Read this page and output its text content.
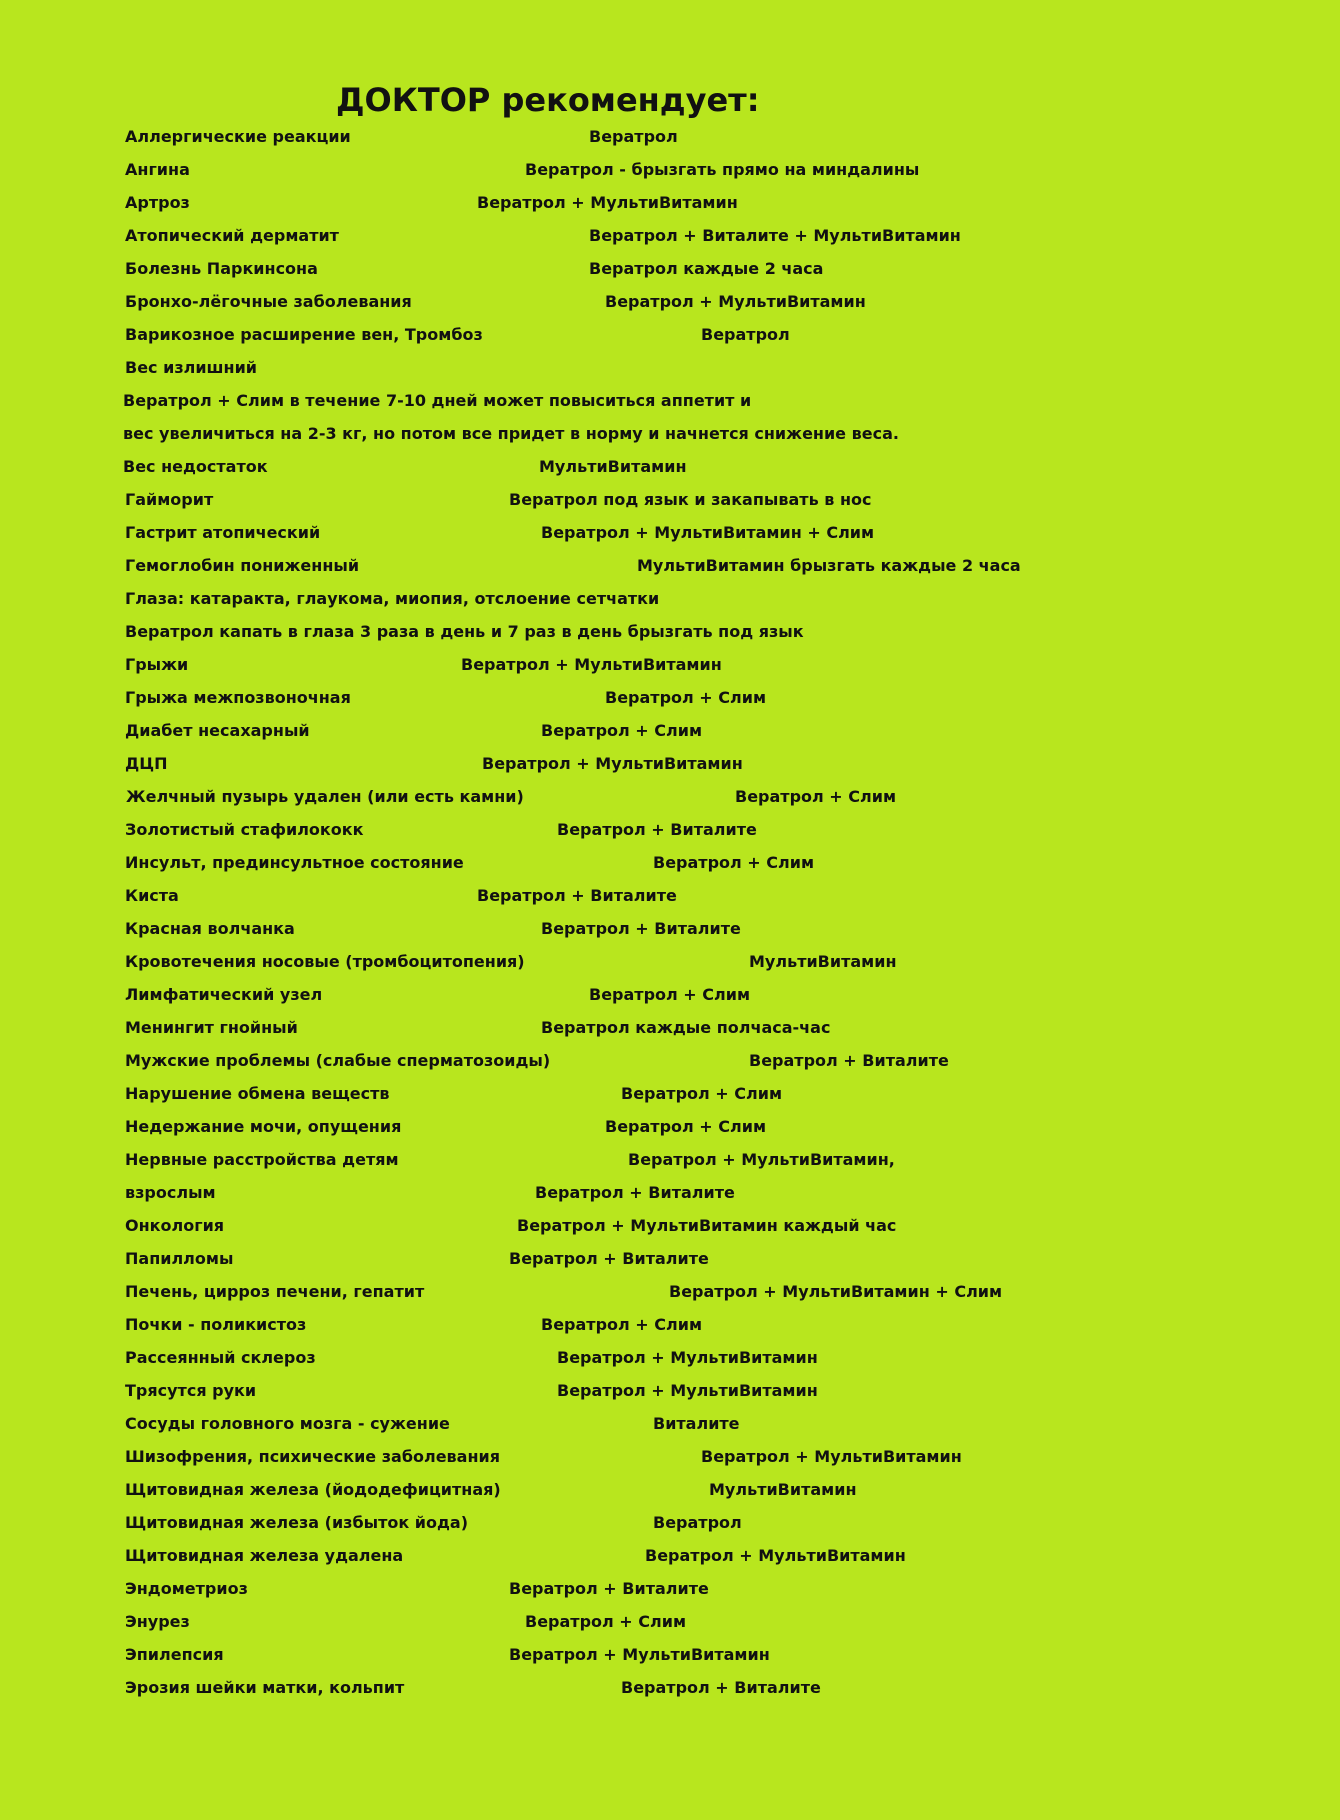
ДОКТОР рекомендует:
Аллергические реакции	Вератрол
Ангина	Вератрол - брызгать прямо на миндалины
Артроз	Вератрол + МультиВитамин
Атопический дерматит	Вератрол + Виталите + МультиВитамин
Болезнь Паркинсона	Вератрол каждые 2 часа
Бронхо-лёгочные заболевания	Вератрол + МультиВитамин
Варикозное расширение вен, Тромбоз	Вератрол
Вес излишний
Вератрол + Слим в течение 7-10 дней может повыситься аппетит и
вес увеличиться на 2-3 кг, но потом все придет в норму и начнется снижение веса.
Вес недостаток	МультиВитамин
Гайморит	Вератрол под язык и закапывать в нос
Гастрит атопический	Вератрол + МультиВитамин + Слим
Гемоглобин пониженный	МультиВитамин брызгать каждые 2 часа
Глаза: катаракта, глаукома, миопия, отслоение сетчатки
Вератрол капать в глаза 3 раза в день и 7 раз в день брызгать под язык
Грыжи	Вератрол + МультиВитамин
Грыжа межпозвоночная	Вератрол + Слим
Диабет несахарный	Вератрол + Слим
ДЦП	Вератрол + МультиВитамин
Желчный пузырь удален (или есть камни)	Вератрол + Слим
Золотистый стафилококк	Вератрол + Виталите
Инсульт, прединсультное состояние	Вератрол + Слим
Киста	Вератрол + Виталите
Красная волчанка	Вератрол + Виталите
Кровотечения носовые (тромбоцитопения)	МультиВитамин
Лимфатический узел	Вератрол + Слим
Менингит гнойный	Вератрол каждые полчаса-час
Мужские проблемы (слабые сперматозоиды)	Вератрол + Виталите
Нарушение обмена веществ	Вератрол + Слим
Недержание мочи, опущения	Вератрол + Слим
Нервные расстройства детям	Вератрол + МультиВитамин,
взрослым	Вератрол + Виталите
Онкология	Вератрол + МультиВитамин каждый час
Папилломы	Вератрол + Виталите
Печень, цирроз печени, гепатит	Вератрол + МультиВитамин + Слим
Почки - поликистоз	Вератрол + Слим
Рассеянный склероз	Вератрол + МультиВитамин
Трясутся руки	Вератрол + МультиВитамин
Сосуды головного мозга - сужение	Виталите
Шизофрения, психические заболевания	Вератрол + МультиВитамин
Щитовидная железа (йододефицитная)	МультиВитамин
Щитовидная железа (избыток йода)	Вератрол
Щитовидная железа удалена	Вератрол + МультиВитамин
Эндометриоз	Вератрол + Виталите
Энурез	Вератрол + Слим
Эпилепсия	Вератрол + МультиВитамин
Эрозия шейки матки, кольпит	Вератрол + Виталите
